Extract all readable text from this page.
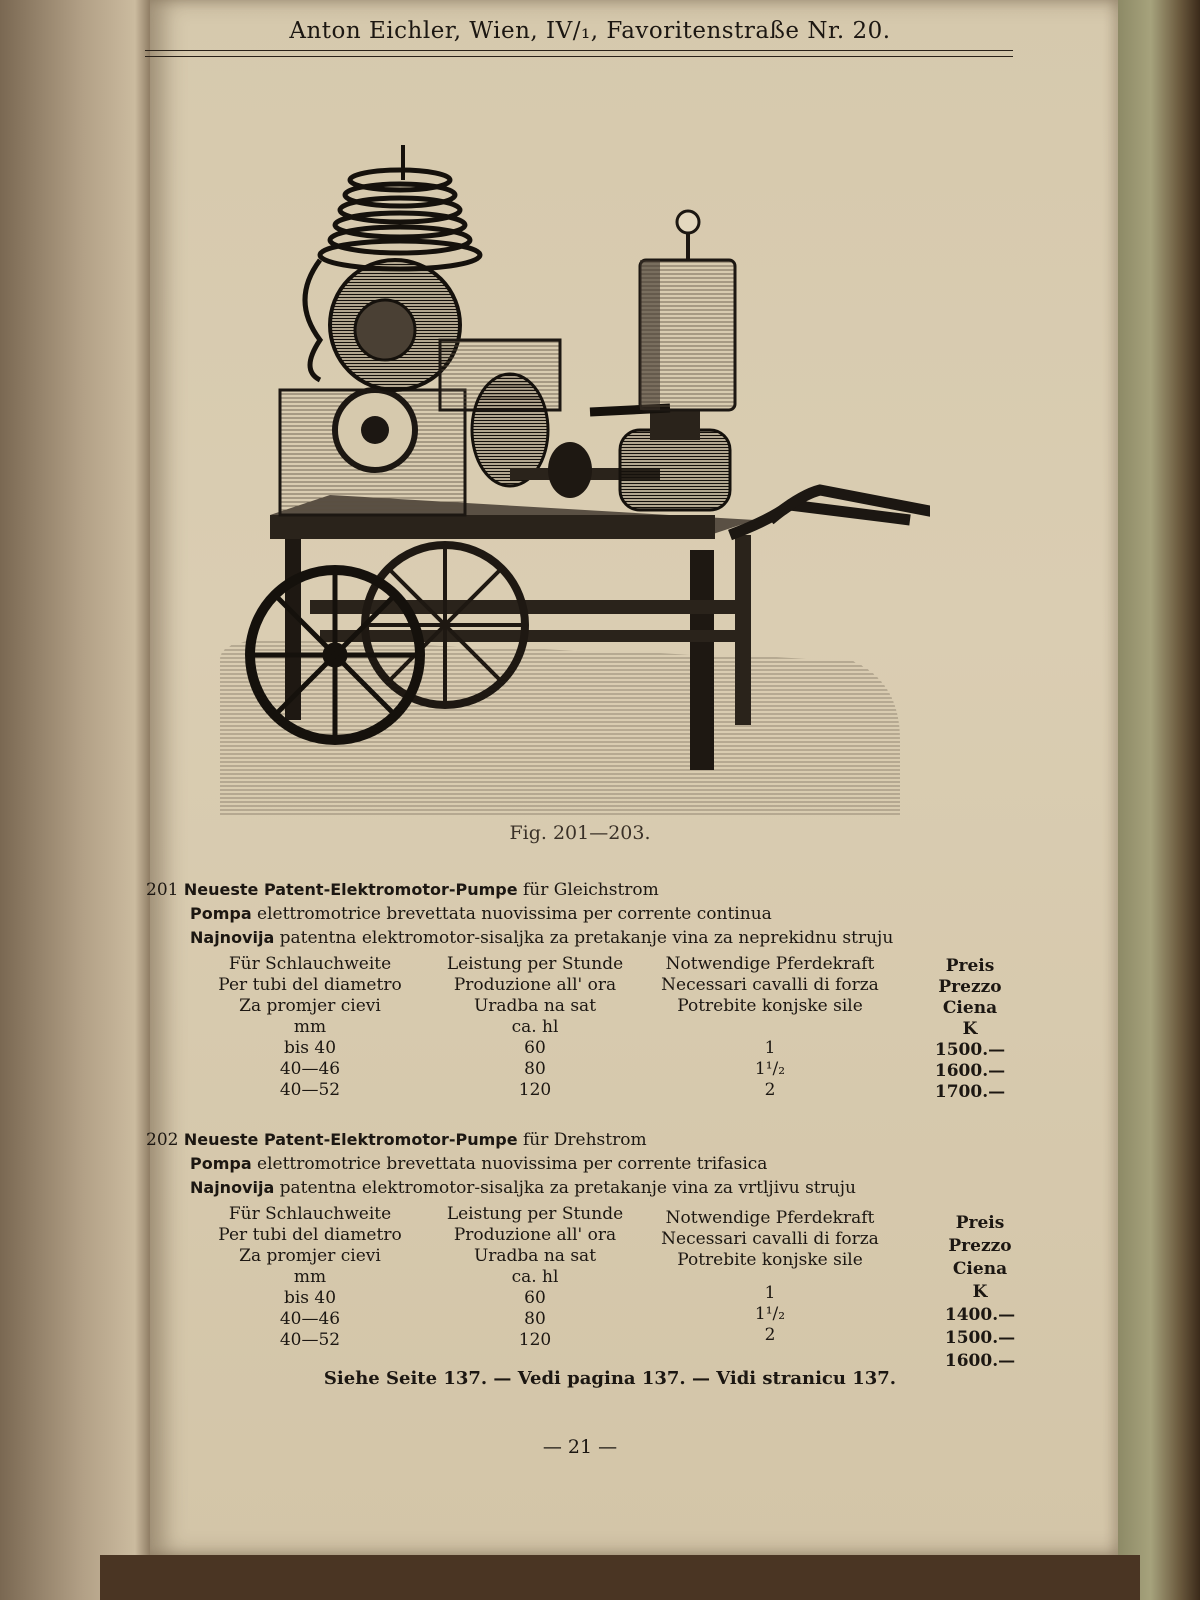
Anton Eichler, Wien, IV/₁, Favoritenstraße Nr. 20.
Fig. 201—203.
201 Neueste Patent-Elektromotor-Pumpe für Gleichstrom
Pompa elettromotrice brevettata nuovissima per corrente continua
Najnovija patentna elektromotor-sisaljka za pretakanje vina za neprekidnu struju
Für Schlauchweite
Per tubi del diametro
Za promjer cievi
mm
bis 40
40—46
40—52
Leistung per Stunde
Produzione all' ora
Uradba na sat
ca. hl
60
80
120
Notwendige Pferdekraft
Necessari cavalli di forza
Potrebite konjske sile

1
1¹/₂
2
Preis
Prezzo
Ciena
K
1500.—
1600.—
1700.—
202 Neueste Patent-Elektromotor-Pumpe für Drehstrom
Pompa elettromotrice brevettata nuovissima per corrente trifasica
Najnovija patentna elektromotor-sisaljka za pretakanje vina za vrtljivu struju
Für Schlauchweite
Per tubi del diametro
Za promjer cievi
mm
bis 40
40—46
40—52
Leistung per Stunde
Produzione all' ora
Uradba na sat
ca. hl
60
80
120
Notwendige Pferdekraft
Necessari cavalli di forza
Potrebite konjske sile
1
1¹/₂
2
Preis
Prezzo
Ciena
K
1400.—
1500.—
1600.—
Siehe Seite 137. — Vedi pagina 137. — Vidi stranicu 137.
— 21 —
